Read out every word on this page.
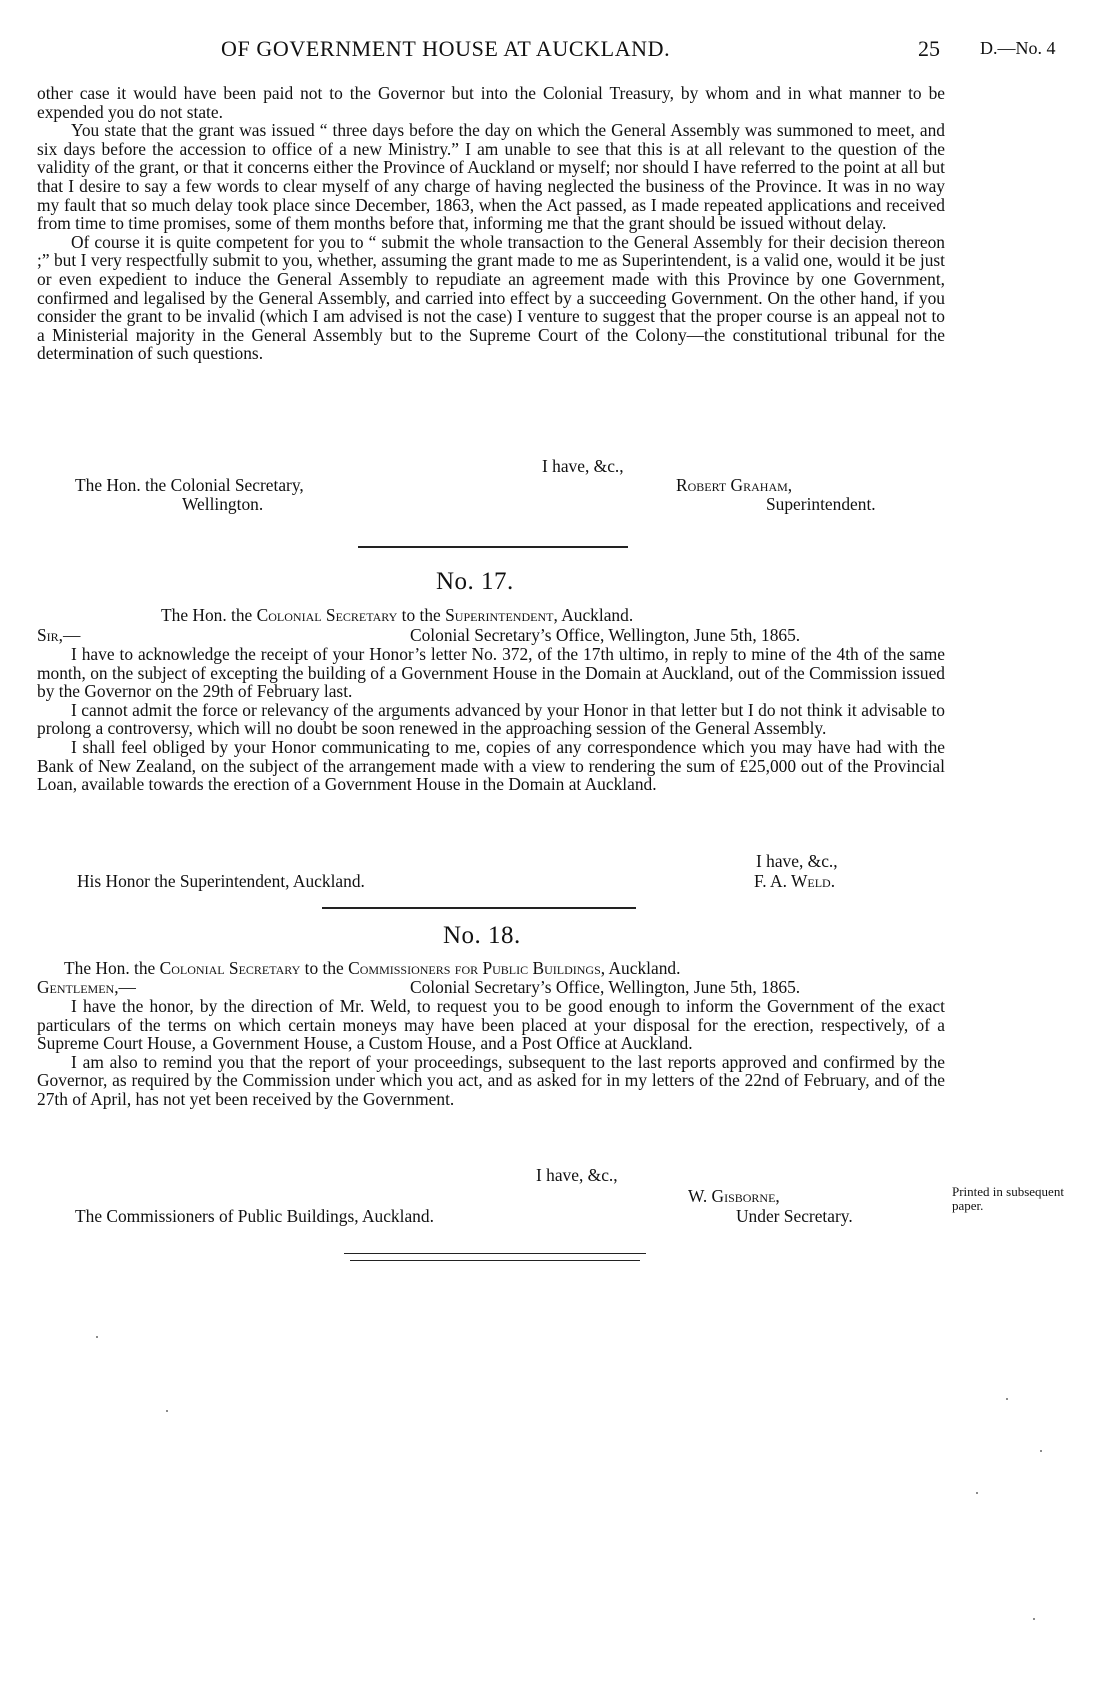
OF GOVERNMENT HOUSE AT AUCKLAND.	25 D.—No. 4

other case it would have been paid not to the Governor but into the Colonial Treasury, by whom and in what manner to be expended you do not state.

You state that the grant was issued “ three days before the day on which the General Assembly was summoned to meet, and six days before the accession to office of a new Ministry.” I am unable to see that this is at all relevant to the question of the validity of the grant, or that it concerns either the Province of Auckland or myself; nor should I have referred to the point at all but that I desire to say a few words to clear myself of any charge of having neglected the business of the Province. It was in no way my fault that so much delay took place since December, 1863, when the Act passed, as I made repeated applications and received from time to time promises, some of them months before that, informing me that the grant should be issued without delay.

Of course it is quite competent for you to “ submit the whole transaction to the General Assembly for their decision thereon ;” but I very respectfully submit to you, whether, assuming the grant made to me as Superintendent, is a valid one, would it be just or even expedient to induce the General Assembly to repudiate an agreement made with this Province by one Government, confirmed and legalised by the General Assembly, and carried into effect by a succeeding Government. On the other hand, if you consider the grant to be invalid (which I am advised is not the case) I venture to suggest that the proper course is an appeal not to a Ministerial majority in the General Assembly but to the Supreme Court of the Colony—the constitutional tribunal for the determination of such questions.

I have, &c.,
The Hon. the Colonial Secretary,
Wellington.
Robert Graham,
Superintendent.
No. 17.
The Hon. the Colonial Secretary to the Superintendent, Auckland.
Sir,—	Colonial Secretary’s Office, Wellington, June 5th, 1865.

I have to acknowledge the receipt of your Honor’s letter No. 372, of the 17th ultimo, in reply to mine of the 4th of the same month, on the subject of excepting the building of a Government House in the Domain at Auckland, out of the Commission issued by the Governor on the 29th of February last.

I cannot admit the force or relevancy of the arguments advanced by your Honor in that letter but I do not think it advisable to prolong a controversy, which will no doubt be soon renewed in the approaching session of the General Assembly.

I shall feel obliged by your Honor communicating to me, copies of any correspondence which you may have had with the Bank of New Zealand, on the subject of the arrangement made with a view to rendering the sum of £25,000 out of the Provincial Loan, available towards the erection of a Government House in the Domain at Auckland.

I have, &c.,
His Honor the Superintendent, Auckland.	F. A. Weld.
No. 18.
The Hon. the Colonial Secretary to the Commissioners for Public Buildings, Auckland.
Gentlemen,—	Colonial Secretary’s Office, Wellington, June 5th, 1865.

I have the honor, by the direction of Mr. Weld, to request you to be good enough to inform the Government of the exact particulars of the terms on which certain moneys may have been placed at your disposal for the erection, respectively, of a Supreme Court House, a Government House, a Custom House, and a Post Office at Auckland.

I am also to remind you that the report of your proceedings, subsequent to the last reports approved and confirmed by the Governor, as required by the Commission under which you act, and as asked for in my letters of the 22nd of February, and of the 27th of April, has not yet been received by the Government.

I have, &c.,
W. Gisborne,
The Commissioners of Public Buildings, Auckland.	Under Secretary.
Printed in subsequent paper.
